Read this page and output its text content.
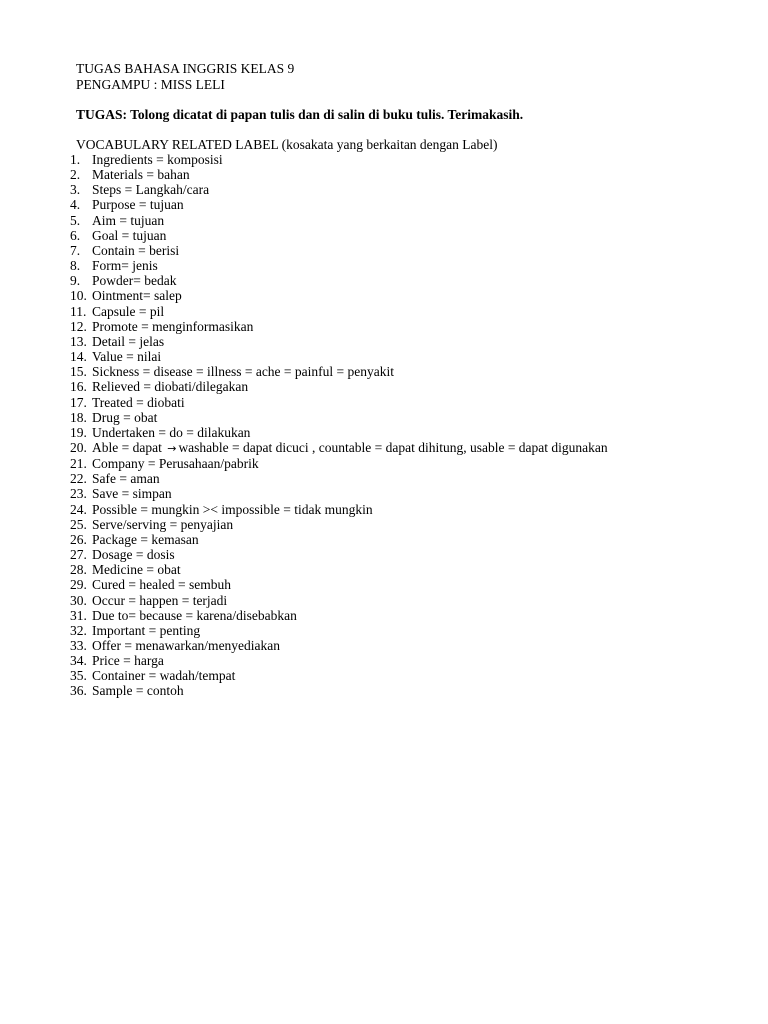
TUGAS BAHASA INGGRIS KELAS 9
PENGAMPU : MISS LELI
TUGAS: Tolong dicatat di papan tulis dan di salin di buku tulis. Terimakasih.
VOCABULARY RELATED LABEL (kosakata yang berkaitan dengan Label)
1. Ingredients = komposisi
2. Materials = bahan
3. Steps = Langkah/cara
4. Purpose = tujuan
5. Aim = tujuan
6. Goal = tujuan
7. Contain = berisi
8. Form= jenis
9. Powder= bedak
10. Ointment= salep
11. Capsule = pil
12. Promote = menginformasikan
13. Detail = jelas
14. Value = nilai
15. Sickness = disease = illness = ache = painful = penyakit
16. Relieved = diobati/dilegakan
17. Treated = diobati
18. Drug = obat
19. Undertaken = do = dilakukan
20. Able = dapat → washable = dapat dicuci , countable = dapat dihitung, usable = dapat digunakan
21. Company = Perusahaan/pabrik
22. Safe = aman
23. Save = simpan
24. Possible = mungkin >< impossible = tidak mungkin
25. Serve/serving = penyajian
26. Package = kemasan
27. Dosage = dosis
28. Medicine = obat
29. Cured = healed = sembuh
30. Occur = happen = terjadi
31. Due to= because = karena/disebabkan
32. Important = penting
33. Offer = menawarkan/menyediakan
34. Price = harga
35. Container = wadah/tempat
36. Sample = contoh
